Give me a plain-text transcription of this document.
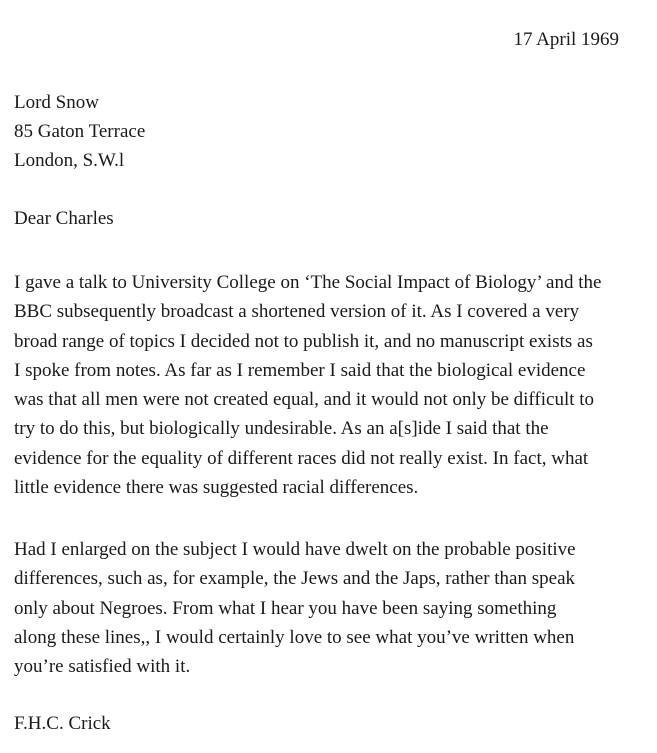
17 April 1969
Lord Snow
85 Gaton Terrace
London, S.W.l
Dear Charles
I gave a talk to University College on ‘The Social Impact of Biology’ and the
BBC subsequently broadcast a shortened version of it. As I covered a very
broad range of topics I decided not to publish it, and no manuscript exists as
I spoke from notes. As far as I remember I said that the biological evidence
was that all men were not created equal, and it would not only be difficult to
try to do this, but biologically undesirable. As an a[s]ide I said that the
evidence for the equality of different races did not really exist. In fact, what
little evidence there was suggested racial differences.
Had I enlarged on the subject I would have dwelt on the probable positive
differences, such as, for example, the Jews and the Japs, rather than speak
only about Negroes. From what I hear you have been saying something
along these lines,, I would certainly love to see what you’ve written when
you’re satisfied with it.
F.H.C. Crick
